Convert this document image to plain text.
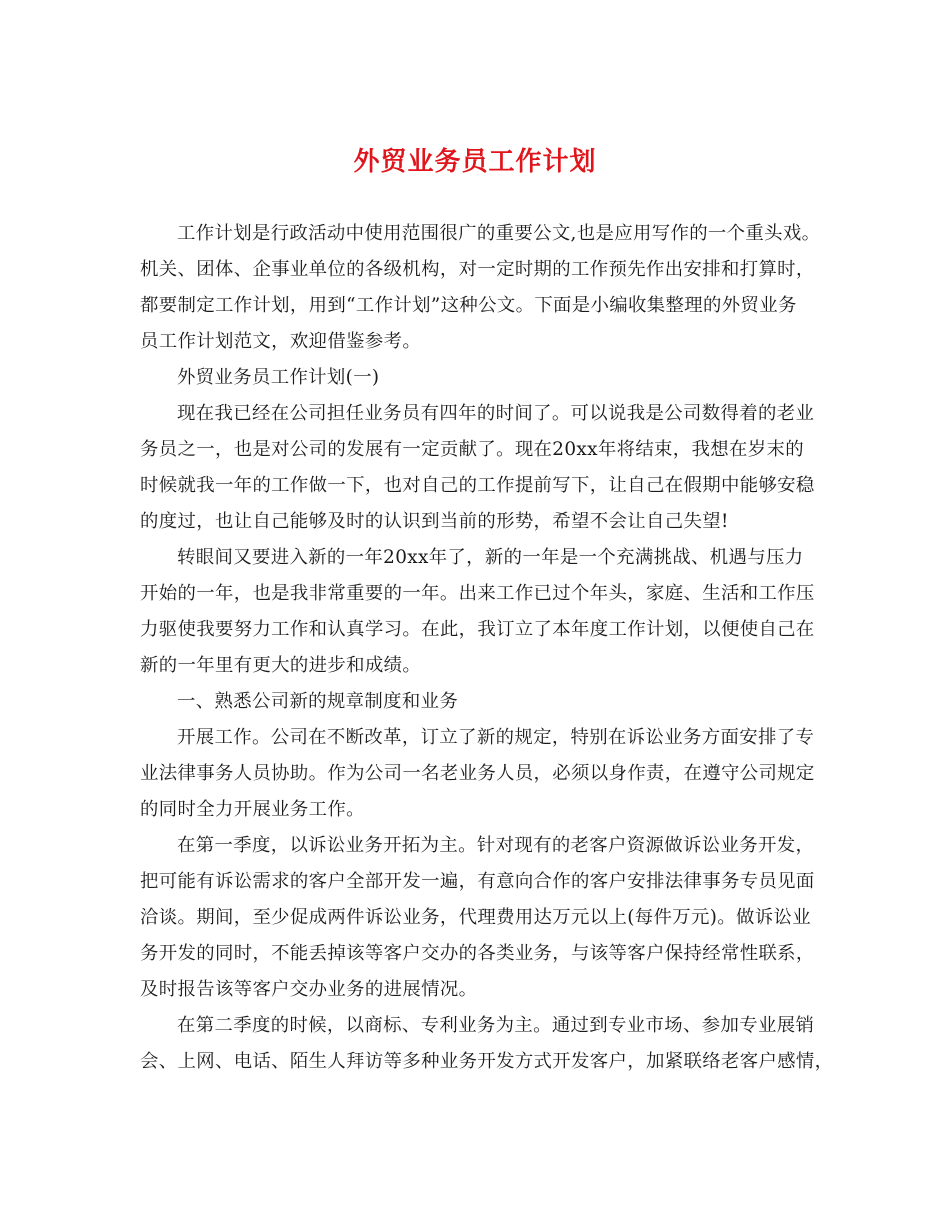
外贸业务员工作计划
工作计划是行政活动中使用范围很广的重要公文,也是应用写作的一个重头戏。
机关、团体、企事业单位的各级机构，对一定时期的工作预先作出安排和打算时，
都要制定工作计划，用到“工作计划”这种公文。下面是小编收集整理的外贸业务
员工作计划范文，欢迎借鉴参考。
外贸业务员工作计划(一)
现在我已经在公司担任业务员有四年的时间了。可以说我是公司数得着的老业
务员之一，也是对公司的发展有一定贡献了。现在20xx年将结束，我想在岁末的
时候就我一年的工作做一下，也对自己的工作提前写下，让自己在假期中能够安稳
的度过，也让自己能够及时的认识到当前的形势，希望不会让自己失望!
转眼间又要进入新的一年20xx年了，新的一年是一个充满挑战、机遇与压力
开始的一年，也是我非常重要的一年。出来工作已过个年头，家庭、生活和工作压
力驱使我要努力工作和认真学习。在此，我订立了本年度工作计划，以便使自己在
新的一年里有更大的进步和成绩。
一、熟悉公司新的规章制度和业务
开展工作。公司在不断改革，订立了新的规定，特别在诉讼业务方面安排了专
业法律事务人员协助。作为公司一名老业务人员，必须以身作责，在遵守公司规定
的同时全力开展业务工作。
在第一季度，以诉讼业务开拓为主。针对现有的老客户资源做诉讼业务开发，
把可能有诉讼需求的客户全部开发一遍，有意向合作的客户安排法律事务专员见面
洽谈。期间，至少促成两件诉讼业务，代理费用达万元以上(每件万元)。做诉讼业
务开发的同时，不能丢掉该等客户交办的各类业务，与该等客户保持经常性联系，
及时报告该等客户交办业务的进展情况。
在第二季度的时候，以商标、专利业务为主。通过到专业市场、参加专业展销
会、上网、电话、陌生人拜访等多种业务开发方式开发客户，加紧联络老客户感情，
